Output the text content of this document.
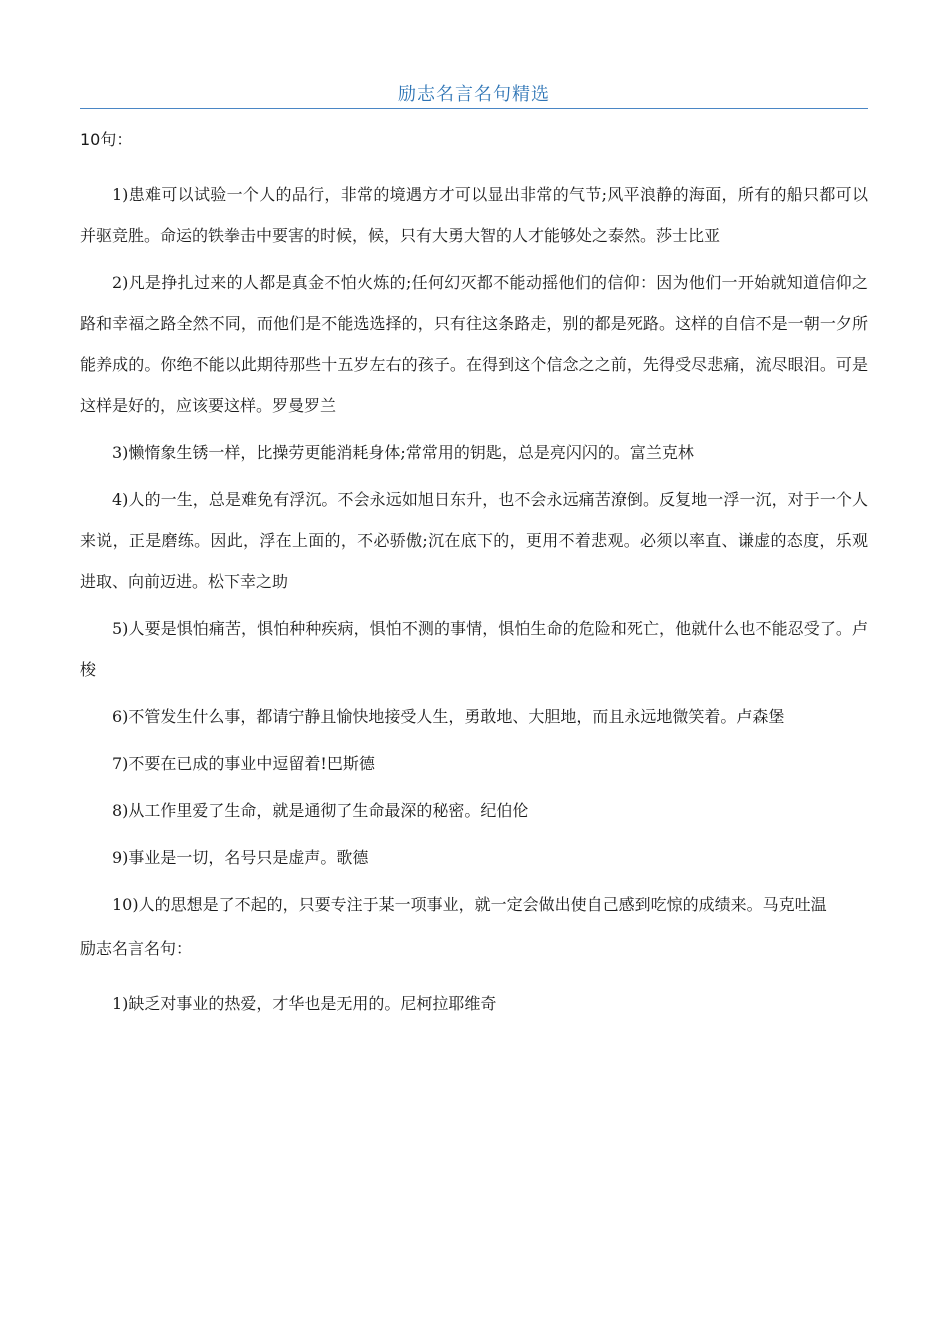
励志名言名句精选

10句：

1)患难可以试验一个人的品行，非常的境遇方才可以显出非常的气节;风平浪静的海面，所有的船只都可以并驱竞胜。命运的铁拳击中要害的时候，候，只有大勇大智的人才能够处之泰然。莎士比亚

2)凡是挣扎过来的人都是真金不怕火炼的;任何幻灭都不能动摇他们的信仰：因为他们一开始就知道信仰之路和幸福之路全然不同，而他们是不能选选择的，只有往这条路走，别的都是死路。这样的自信不是一朝一夕所能养成的。你绝不能以此期待那些十五岁左右的孩子。在得到这个信念之之前，先得受尽悲痛，流尽眼泪。可是这样是好的，应该要这样。罗曼罗兰

3)懒惰象生锈一样，比操劳更能消耗身体;常常用的钥匙，总是亮闪闪的。富兰克林

4)人的一生，总是难免有浮沉。不会永远如旭日东升，也不会永远痛苦潦倒。反复地一浮一沉，对于一个人来说，正是磨练。因此，浮在上面的，不必骄傲;沉在底下的，更用不着悲观。必须以率直、谦虚的态度，乐观进取、向前迈进。松下幸之助

5)人要是惧怕痛苦，惧怕种种疾病，惧怕不测的事情，惧怕生命的危险和死亡，他就什么也不能忍受了。卢梭

6)不管发生什么事，都请宁静且愉快地接受人生，勇敢地、大胆地，而且永远地微笑着。卢森堡

7)不要在已成的事业中逗留着!巴斯德

8)从工作里爱了生命，就是通彻了生命最深的秘密。纪伯伦

9)事业是一切，名号只是虚声。歌德

10)人的思想是了不起的，只要专注于某一项事业，就一定会做出使自己感到吃惊的成绩来。马克吐温

励志名言名句：

1)缺乏对事业的热爱，才华也是无用的。尼柯拉耶维奇
